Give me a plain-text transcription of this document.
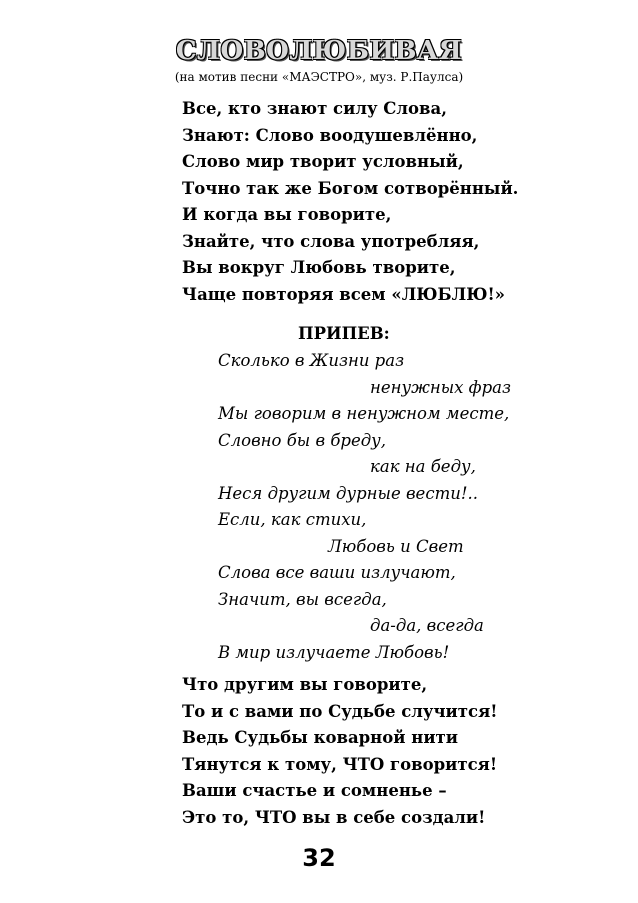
СЛОВОЛЮБИВАЯ

(на мотив песни «МАЭСТРО», муз. Р.Паулса)

Все, кто знают силу Слова,
Знают: Слово воодушевлённо,
Слово мир творит условный,
Точно так же Богом сотворённый.
И когда вы говорите,
Знайте, что слова употребляя,
Вы вокруг Любовь творите,
Чаще повторяя всем «ЛЮБЛЮ!»

ПРИПЕВ:

Сколько в Жизни раз
ненужных фраз
Мы говорим в ненужном месте,
Словно бы в бреду,
как на беду,
Неся другим дурные вести!..
Если, как стихи,
Любовь и Свет
Слова все ваши излучают,
Значит, вы всегда,
да-да, всегда
В мир излучаете Любовь!
Что другим вы говорите,
То и с вами по Судьбе случится!
Ведь Судьбы коварной нити
Тянутся к тому, ЧТО говорится!
Ваши счастье и сомненье –
Это то, ЧТО вы в себе создали!

32
